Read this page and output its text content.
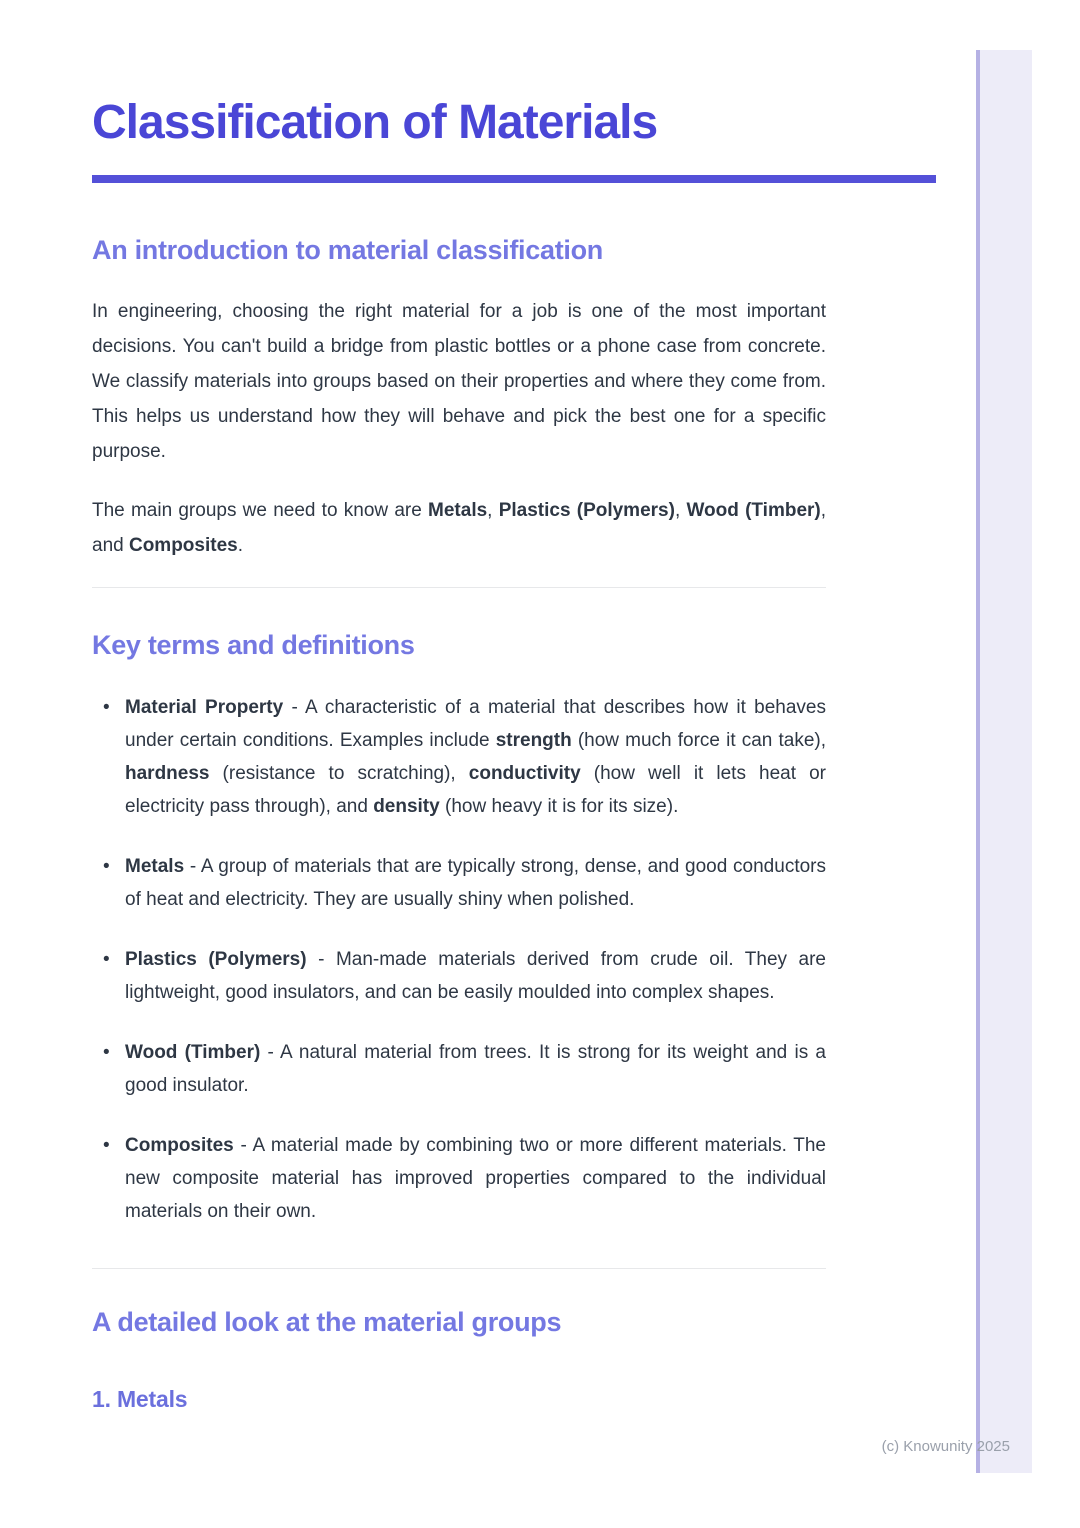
Classification of Materials
An introduction to material classification

In engineering, choosing the right material for a job is one of the most important decisions. You can't build a bridge from plastic bottles or a phone case from concrete. We classify materials into groups based on their properties and where they come from. This helps us understand how they will behave and pick the best one for a specific purpose.

The main groups we need to know are Metals, Plastics (Polymers), Wood (Timber), and Composites.

Key terms and definitions
• Material Property - A characteristic of a material that describes how it behaves under certain conditions. Examples include strength (how much force it can take), hardness (resistance to scratching), conductivity (how well it lets heat or electricity pass through), and density (how heavy it is for its size).
• Metals - A group of materials that are typically strong, dense, and good conductors of heat and electricity. They are usually shiny when polished.
• Plastics (Polymers) - Man-made materials derived from crude oil. They are lightweight, good insulators, and can be easily moulded into complex shapes.
• Wood (Timber) - A natural material from trees. It is strong for its weight and is a good insulator.
• Composites - A material made by combining two or more different materials. The new composite material has improved properties compared to the individual materials on their own.
A detailed look at the material groups
1. Metals
(c) Knowunity 2025
